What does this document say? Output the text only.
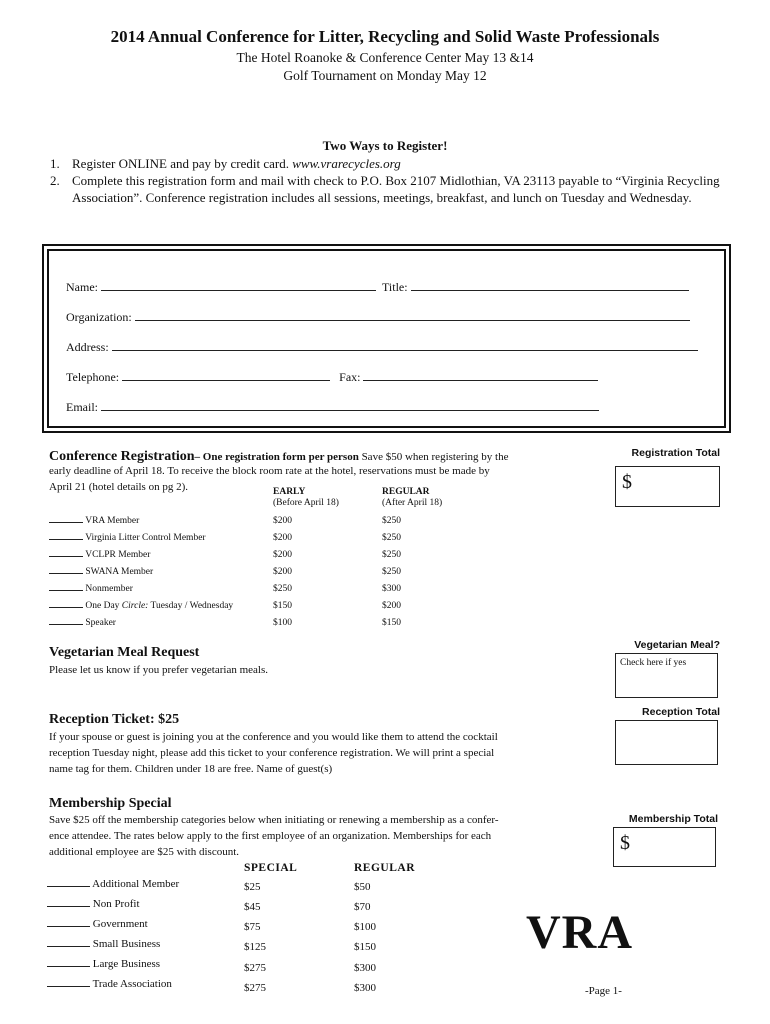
2014 Annual Conference for Litter, Recycling and Solid Waste Professionals
The Hotel Roanoke & Conference Center May 13 &14
Golf Tournament on Monday May 12
Two Ways to Register!
1. Register ONLINE and pay by credit card. www.vrarecycles.org
2. Complete this registration form and mail with check to P.O. Box 2107 Midlothian, VA 23113 payable to “Virginia Recycling Association”. Conference registration includes all sessions, meetings, breakfast, and lunch on Tuesday and Wednesday.
Name:	Title:
Organization:
Address:
Telephone:	Fax:
Email:
Conference Registration– One registration form per person Save $50 when registering by the
early deadline of April 18. To receive the block room rate at the hotel, reservations must be made by
April 21 (hotel details on pg 2).	EARLY
(Before April 18)
REGULAR
(After April 18)
VRA Member	$200	$250
Virginia Litter Control Member	$200	$250
VCLPR Member	$200	$250
SWANA Member	$200	$250
Nonmember	$250	$300
One Day Circle: Tuesday / Wednesday	$150	$200
Speaker	$100	$150
Registration Total
$
Vegetarian Meal Request
Please let us know if you prefer vegetarian meals.
Vegetarian Meal?
Check here if yes
Reception Ticket: $25
If your spouse or guest is joining you at the conference and you would like them to attend the cocktail
reception Tuesday night, please add this ticket to your conference registration. We will print a special
name tag for them. Children under 18 are free. Name of guest(s)
Reception Total
Membership Special
Save $25 off the membership categories below when initiating or renewing a membership as a confer-
ence attendee. The rates below apply to the first employee of an organization. Memberships for each
additional employee are $25 with discount.
Membership Total
$
SPECIAL	REGULAR
Additional Member	$25	$50
Non Profit	$45	$70
Government	$75	$100
Small Business	$125	$150
Large Business	$275	$300
Trade Association	$275	$300
VRA
-Page 1-
